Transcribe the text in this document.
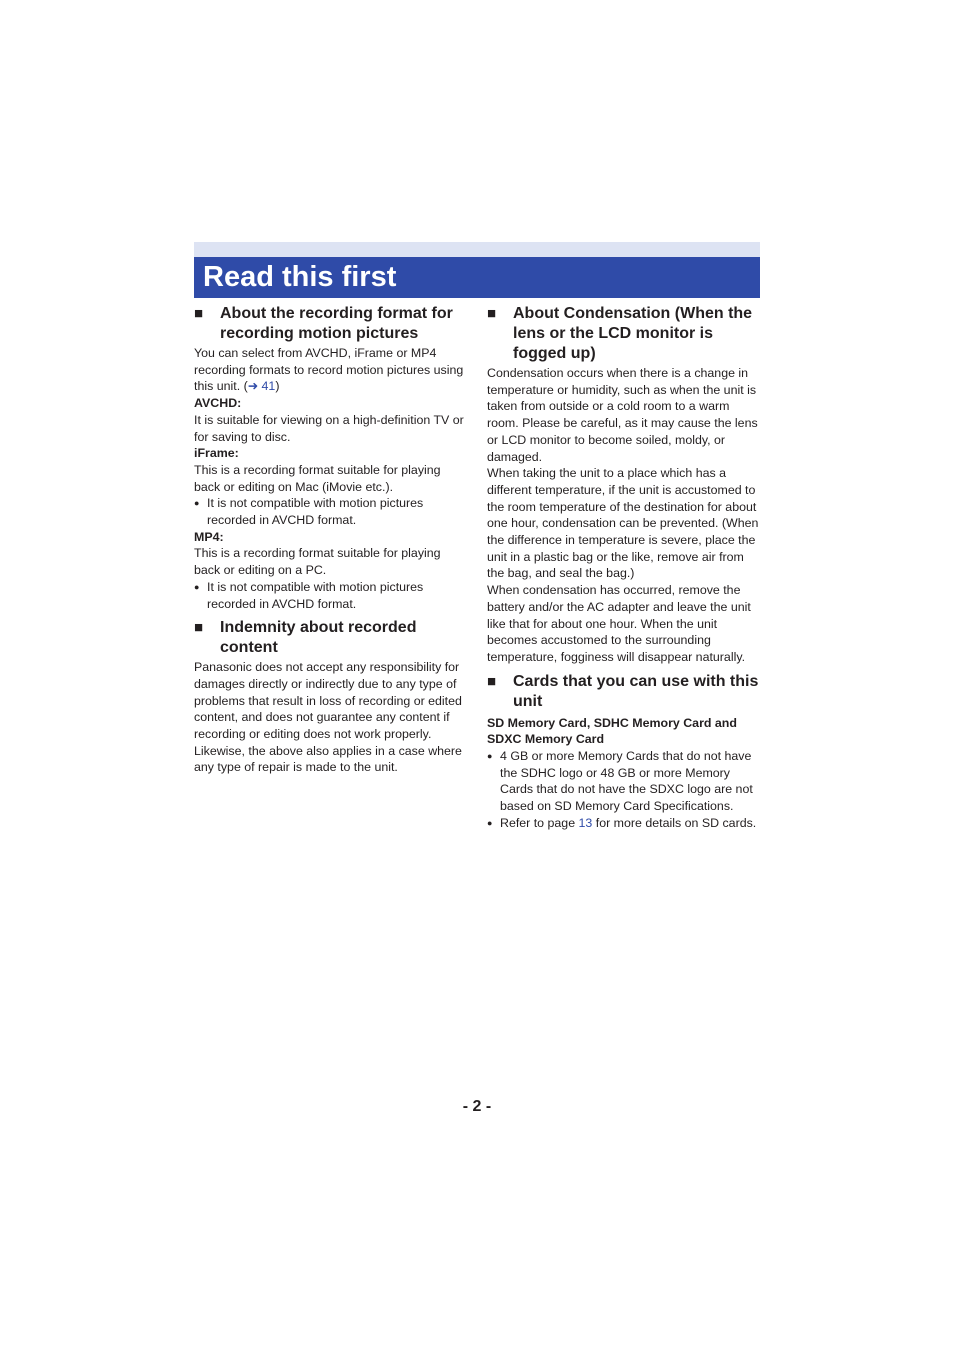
Read this first
■	About the recording format for recording motion pictures

You can select from AVCHD, iFrame or MP4 recording formats to record motion pictures using this unit. (➜ 41)

AVCHD:

It is suitable for viewing on a high-definition TV or for saving to disc.

iFrame:

This is a recording format suitable for playing back or editing on Mac (iMovie etc.).

● It is not compatible with motion pictures recorded in AVCHD format.

MP4:

This is a recording format suitable for playing back or editing on a PC.

● It is not compatible with motion pictures recorded in AVCHD format.
■	Indemnity about recorded content

Panasonic does not accept any responsibility for damages directly or indirectly due to any type of problems that result in loss of recording or edited content, and does not guarantee any content if recording or editing does not work properly. Likewise, the above also applies in a case where any type of repair is made to the unit.

■	About Condensation (When the lens or the LCD monitor is fogged up)

Condensation occurs when there is a change in temperature or humidity, such as when the unit is taken from outside or a cold room to a warm room. Please be careful, as it may cause the lens or LCD monitor to become soiled, moldy, or damaged.

When taking the unit to a place which has a different temperature, if the unit is accustomed to the room temperature of the destination for about one hour, condensation can be prevented. (When the difference in temperature is severe, place the unit in a plastic bag or the like, remove air from the bag, and seal the bag.)

When condensation has occurred, remove the battery and/or the AC adapter and leave the unit like that for about one hour. When the unit becomes accustomed to the surrounding temperature, fogginess will disappear naturally.

■	Cards that you can use with this unit

SD Memory Card, SDHC Memory Card and SDXC Memory Card

● 4 GB or more Memory Cards that do not have the SDHC logo or 48 GB or more Memory Cards that do not have the SDXC logo are not based on SD Memory Card Specifications.
● Refer to page 13 for more details on SD cards.
- 2 -
